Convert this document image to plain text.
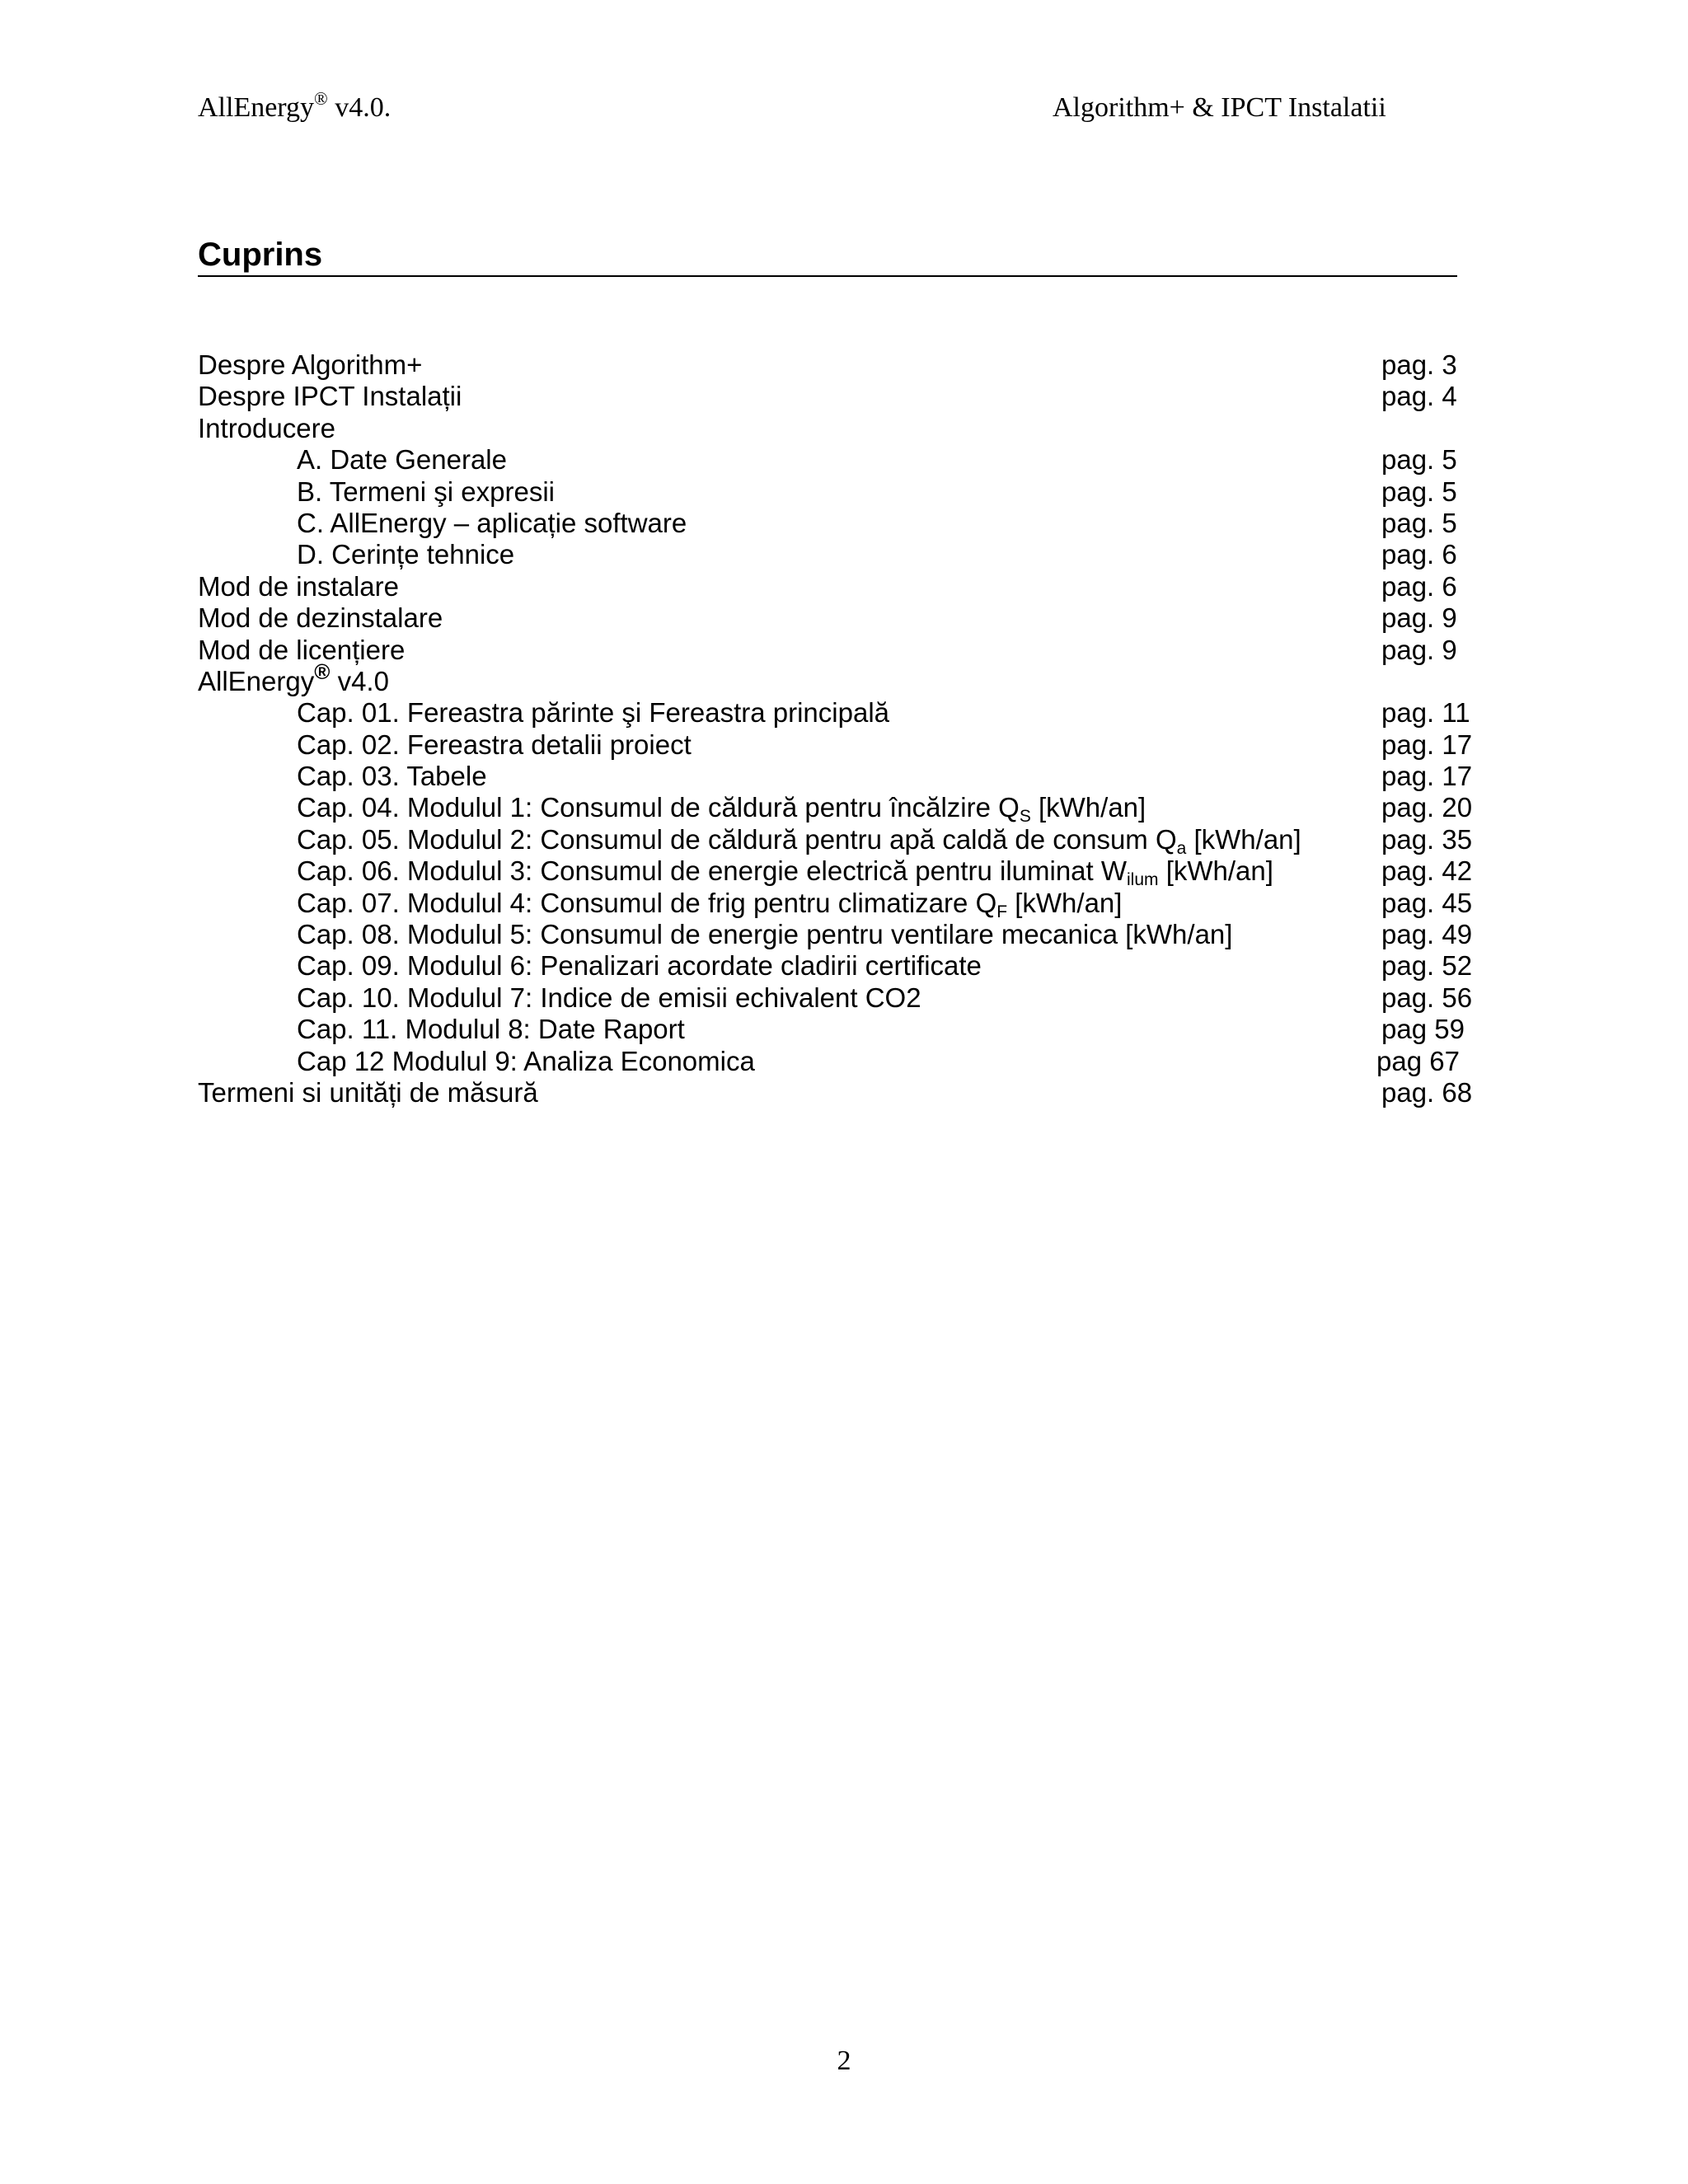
AllEnergy® v4.0.	Algorithm+ & IPCT Instalatii
Cuprins
Despre Algorithm+	pag. 3
Despre IPCT Instalații	pag. 4
Introducere
A. Date Generale	pag. 5
B. Termeni şi expresii	pag. 5
C. AllEnergy – aplicație software	pag. 5
D. Cerințe tehnice	pag. 6
Mod de instalare	pag. 6
Mod de dezinstalare	pag. 9
Mod de licențiere	pag. 9
AllEnergy® v4.0
Cap. 01. Fereastra părinte şi Fereastra principală	pag. 11
Cap. 02. Fereastra detalii proiect	pag. 17
Cap. 03. Tabele	pag. 17
Cap. 04. Modulul 1: Consumul de căldură pentru încălzire $Q_S$ [kWh/an]	pag. 20
Cap. 05. Modulul 2: Consumul de căldură pentru apă caldă de consum $Q_a$ [kWh/an]	pag. 35
Cap. 06. Modulul 3: Consumul de energie electrică pentru iluminat $W_{ilum}$ [kWh/an]	pag. 42
Cap. 07. Modulul 4: Consumul de frig pentru climatizare $Q_F$ [kWh/an]	pag. 45
Cap. 08. Modulul 5: Consumul de energie pentru ventilare mecanica [kWh/an]	pag. 49
Cap. 09. Modulul 6: Penalizari acordate cladirii certificate	pag. 52
Cap. 10. Modulul 7: Indice de emisii echivalent CO2	pag. 56
Cap. 11. Modulul 8: Date Raport	pag 59
Cap 12 Modulul 9: Analiza Economica	pag 67
Termeni si unități de măsură	pag. 68
2
